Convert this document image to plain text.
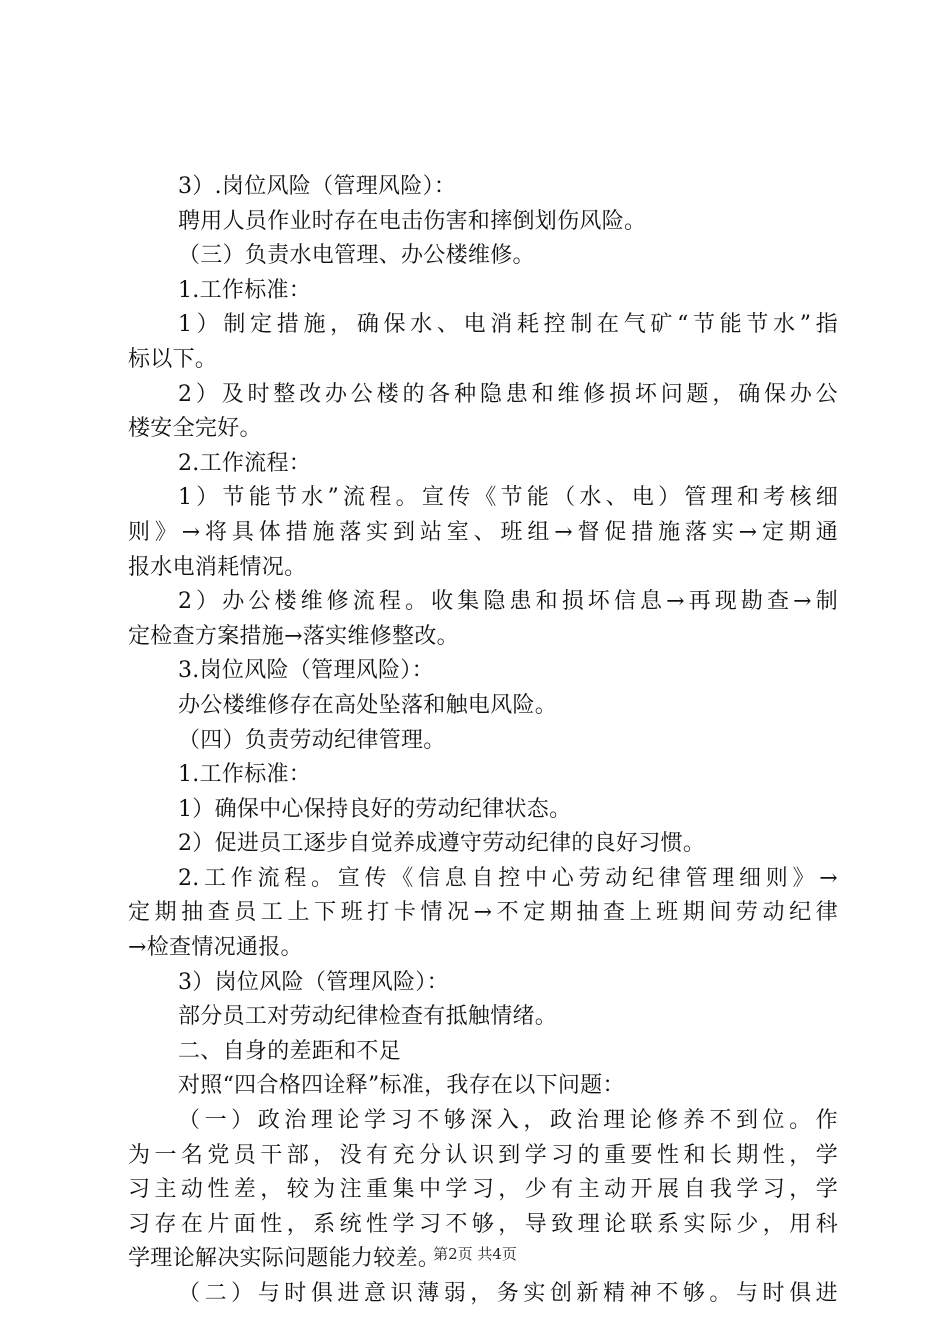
3）.岗位风险（管理风险）：
聘用人员作业时存在电击伤害和摔倒划伤风险。
（三）负责水电管理、办公楼维修。
1.工作标准：
1）制定措施，确保水、电消耗控制在气矿“节能节水”指
标以下。
2）及时整改办公楼的各种隐患和维修损坏问题，确保办公
楼安全完好。
2.工作流程：
1）节能节水”流程。宣传《节能（水、电）管理和考核细
则》→将具体措施落实到站室、班组→督促措施落实→定期通
报水电消耗情况。
2）办公楼维修流程。收集隐患和损坏信息→再现勘查→制
定检查方案措施→落实维修整改。
3.岗位风险（管理风险）：
办公楼维修存在高处坠落和触电风险。
（四）负责劳动纪律管理。
1.工作标准：
1）确保中心保持良好的劳动纪律状态。
2）促进员工逐步自觉养成遵守劳动纪律的良好习惯。
2.工作流程。宣传《信息自控中心劳动纪律管理细则》→
定期抽查员工上下班打卡情况→不定期抽查上班期间劳动纪律
→检查情况通报。
3）岗位风险（管理风险）：
部分员工对劳动纪律检查有抵触情绪。
二、自身的差距和不足
对照“四合格四诠释”标准，我存在以下问题：
（一）政治理论学习不够深入，政治理论修养不到位。作
为一名党员干部，没有充分认识到学习的重要性和长期性，学
习主动性差，较为注重集中学习，少有主动开展自我学习，学
习存在片面性，系统性学习不够，导致理论联系实际少，用科
学理论解决实际问题能力较差。
（二）与时俱进意识薄弱，务实创新精神不够。与时俱进
第2页 共4页
